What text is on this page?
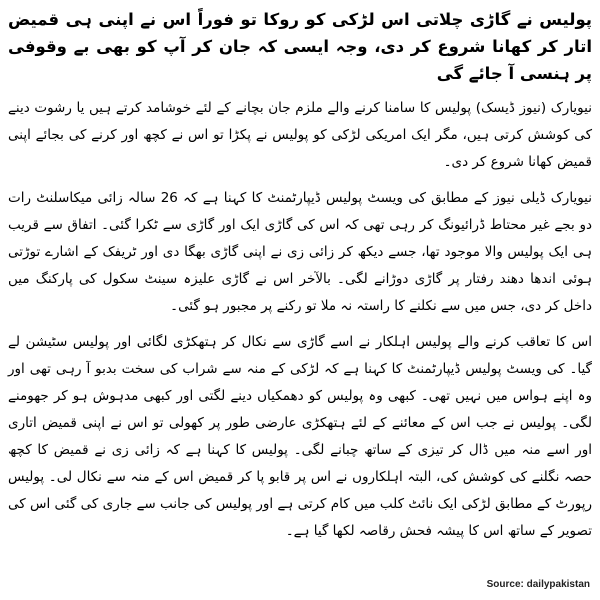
پولیس نے گاڑی چلاتی اس لڑکی کو روکا تو فوراً اس نے اپنی ہی قمیض اتار کر کھانا شروع کر دی، وجہ ایسی کہ جان کر آپ کو بھی بے وقوفی پر ہنسی آ جائے گی

نیویارک (نیوز ڈیسک) پولیس کا سامنا کرنے والے ملزم جان بچانے کے لئے خوشامد کرتے ہیں یا رشوت دینے کی کوشش کرتی ہیں، مگر ایک امریکی لڑکی کو پولیس نے پکڑا تو اس نے کچھ اور کرنے کی بجائے اپنی قمیض کھانا شروع کر دی۔

نیویارک ڈیلی نیوز کے مطابق کی ویسٹ پولیس ڈیپارٹمنٹ کا کہنا ہے کہ 26 سالہ زائی میکاسلنٹ رات دو بجے غیر محتاط ڈرائیونگ کر رہی تھی کہ اس کی گاڑی ایک اور گاڑی سے ٹکرا گئی۔ اتفاق سے قریب ہی ایک پولیس والا موجود تھا، جسے دیکھ کر زائی زی نے اپنی گاڑی بھگا دی اور ٹریفک کے اشارے توڑتی ہوئی اندھا دھند رفتار پر گاڑی دوڑانے لگی۔ بالآخر اس نے گاڑی علیزہ سینٹ سکول کی پارکنگ میں داخل کر دی، جس میں سے نکلنے کا راستہ نہ ملا تو رکنے پر مجبور ہو گئی۔

اس کا تعاقب کرنے والے پولیس اہلکار نے اسے گاڑی سے نکال کر ہتھکڑی لگائی اور پولیس سٹیشن لے گیا۔ کی ویسٹ پولیس ڈیپارٹمنٹ کا کہنا ہے کہ لڑکی کے منہ سے شراب کی سخت بدبو آ رہی تھی اور وہ اپنے ہواس میں نہیں تھی۔ کبھی وہ پولیس کو دھمکیاں دینے لگتی اور کبھی مدہوش ہو کر جھومنے لگی۔ پولیس نے جب اس کے معائنے کے لئے ہتھکڑی عارضی طور پر کھولی تو اس نے اپنی قمیض اتاری اور اسے منہ میں ڈال کر تیزی کے ساتھ چبانے لگی۔ پولیس کا کہنا ہے کہ زائی زی نے قمیض کا کچھ حصہ نگلنے کی کوشش کی، البتہ اہلکاروں نے اس پر قابو پا کر قمیض اس کے منہ سے نکال لی۔ پولیس رپورٹ کے مطابق لڑکی ایک نائٹ کلب میں کام کرتی ہے اور پولیس کی جانب سے جاری کی گئی اس کی تصویر کے ساتھ اس کا پیشہ فحش رقاصہ لکھا گیا ہے۔

Source: dailypakistan
